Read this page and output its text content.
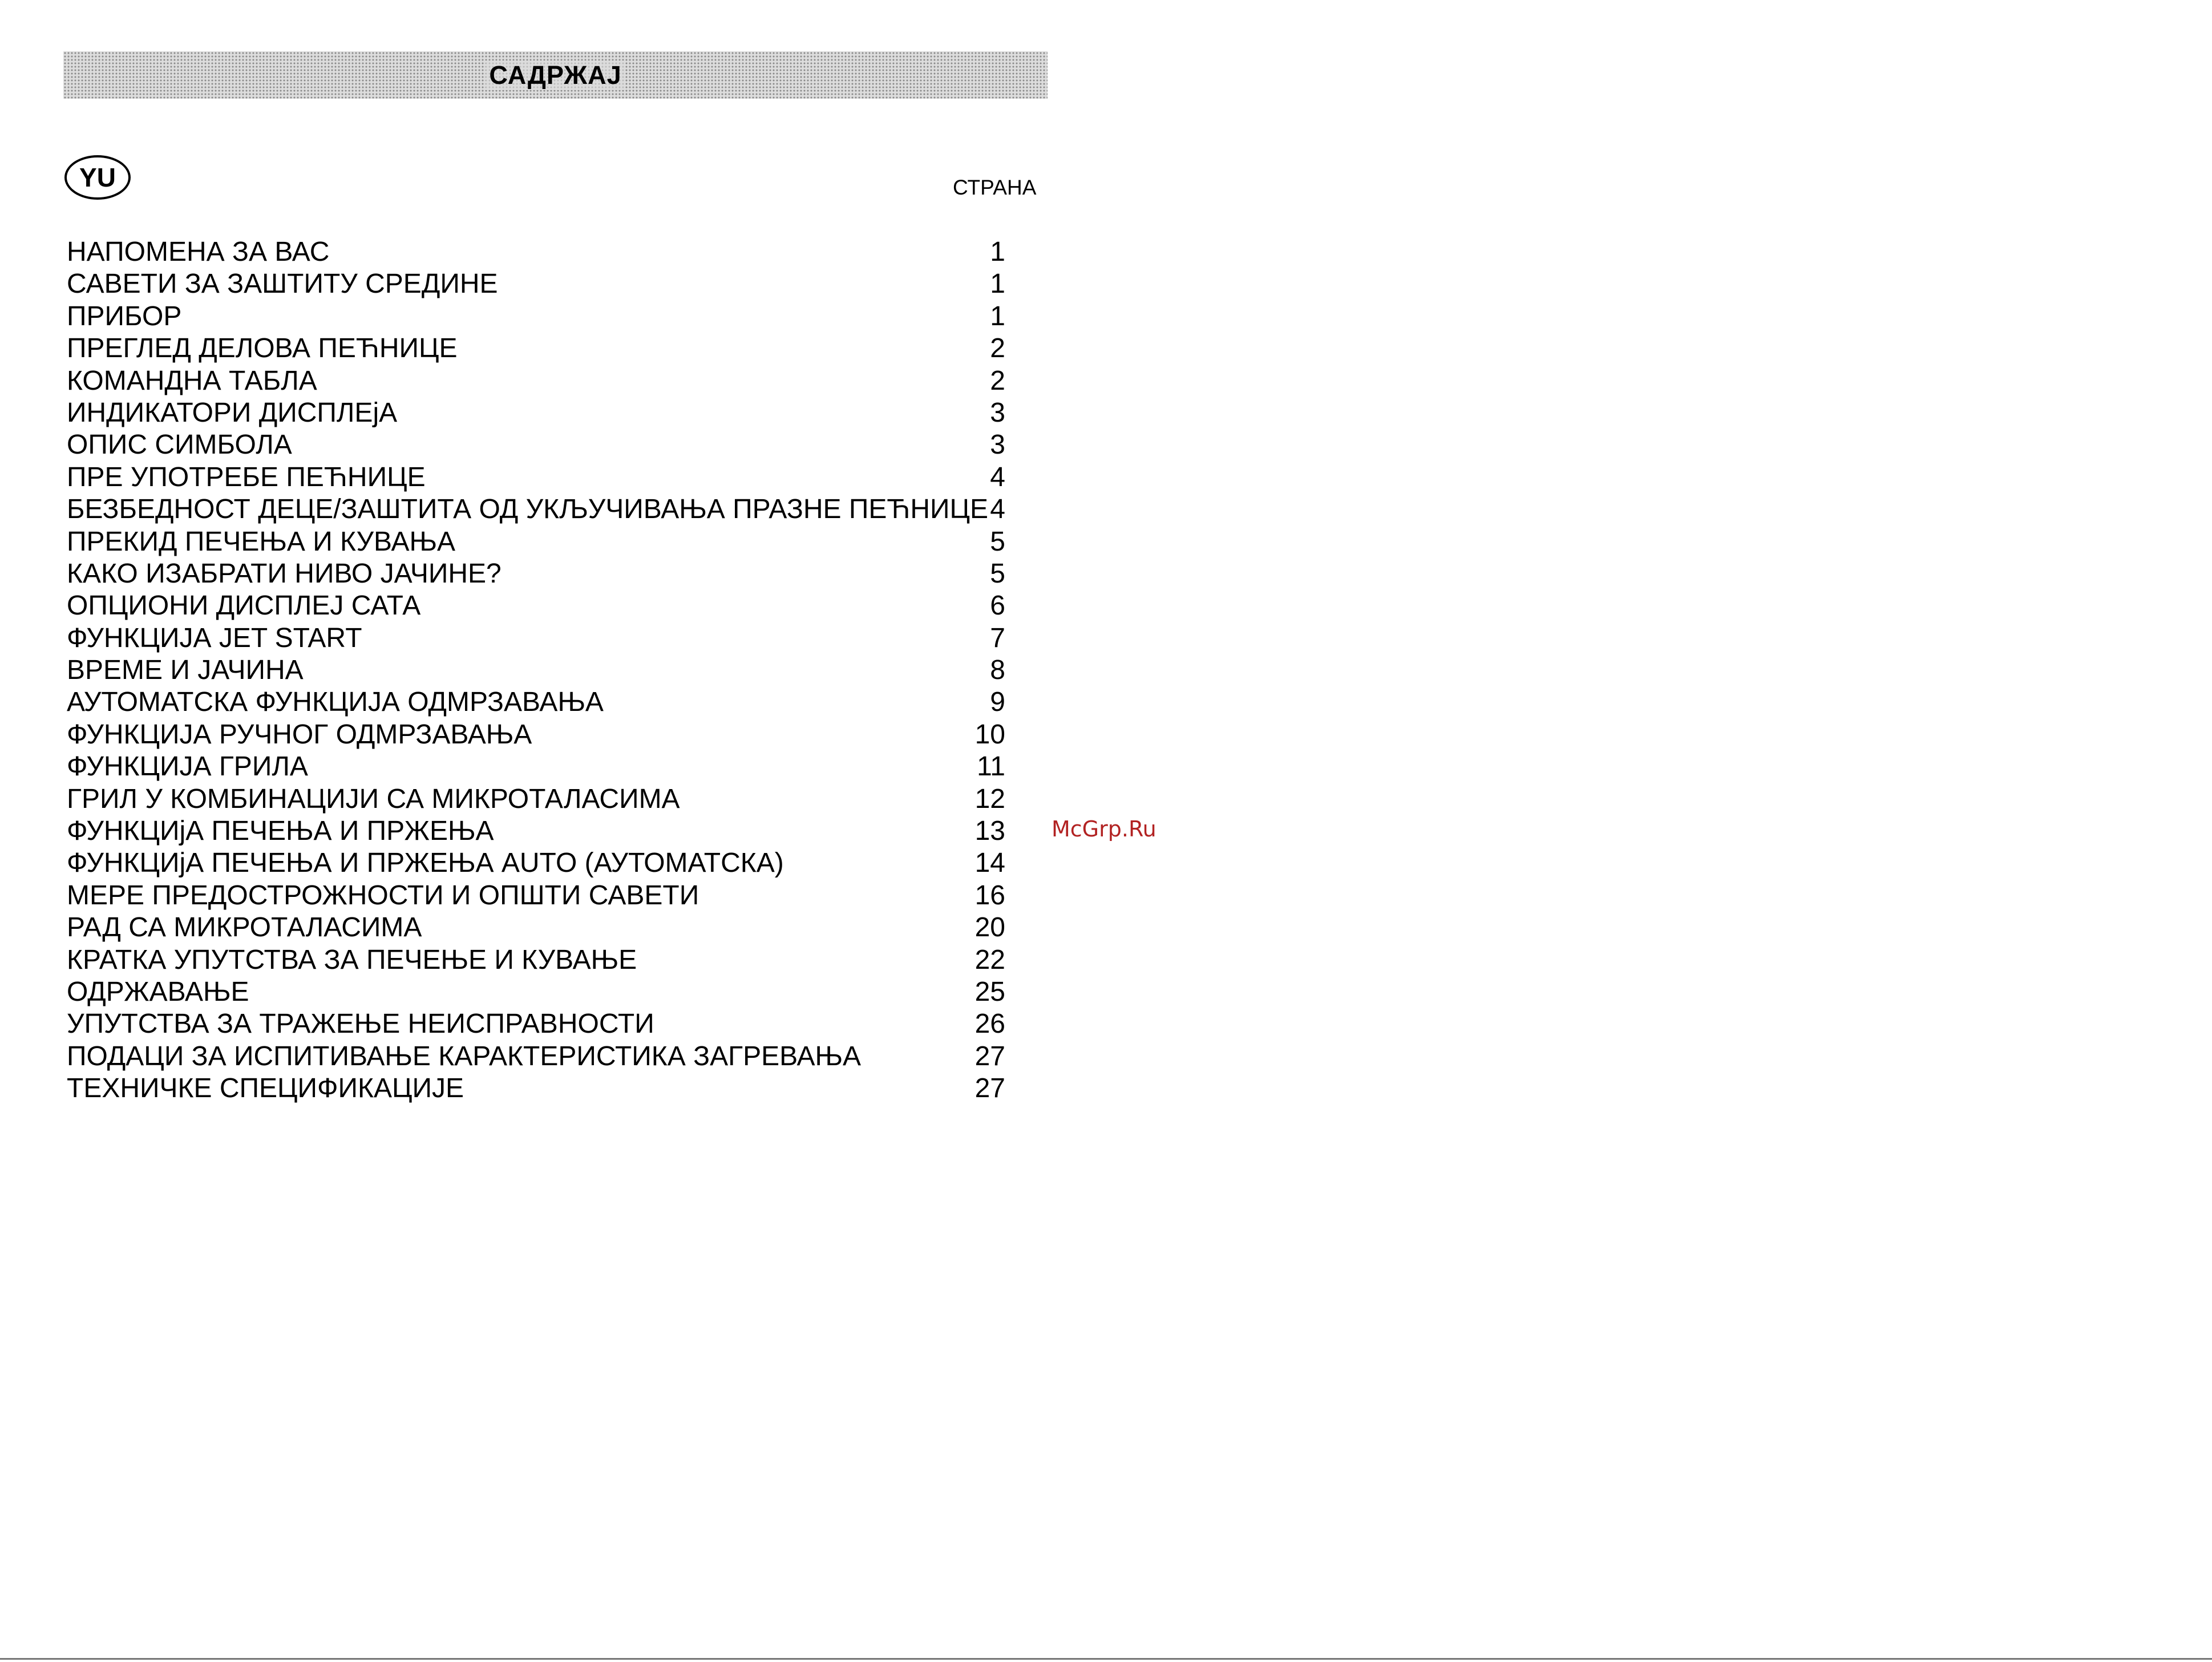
САДРЖАЈ
YU	СТРАНА
НАПОМЕНА ЗА ВАС	1
САВЕТИ ЗА ЗАШТИТУ СРЕДИНЕ	1
ПРИБОР	1
ПРЕГЛЕД ДЕЛОВА ПЕЋНИЦЕ	2
КОМАНДНА ТАБЛА	2
ИНДИКАТОРИ ДИСПЛЕјА	3
ОПИС СИМБОЛА	3
ПРЕ УПОТРЕБЕ ПЕЋНИЦЕ	4
БЕЗБЕДНОСТ ДЕЦЕ/ЗАШТИТА ОД УКЉУЧИВАЊА ПРАЗНЕ ПЕЋНИЦЕ 4
ПРЕКИД ПЕЧЕЊА И КУВАЊА	5
КАКО ИЗАБРАТИ НИВО ЈАЧИНЕ?	5
ОПЦИОНИ ДИСПЛЕЈ САТА	6
ФУНКЦИЈА JET START	7
ВРЕМЕ И ЈАЧИНА	8
АУТОМАТСКА ФУНКЦИЈА ОДМРЗАВАЊА	9
ФУНКЦИЈА РУЧНОГ ОДМРЗАВАЊА	10
ФУНКЦИЈА ГРИЛА	11
ГРИЛ У КОМБИНАЦИЈИ СА МИКРОТАЛАСИМА	12
ФУНКЦИјА ПЕЧЕЊА И ПРЖЕЊА	13
ФУНКЦИјА ПЕЧЕЊА И ПРЖЕЊА AUTO (АУТОМАТСКА)	14
МЕРЕ ПРЕДОСТРОЖНОСТИ И ОПШТИ САВЕТИ	16
РАД СА МИКРОТАЛАСИМА	20
КРАТКА УПУТСТВА ЗА ПЕЧЕЊЕ И КУВАЊЕ	22
ОДРЖАВАЊЕ	25
УПУТСТВА ЗА ТРАЖЕЊЕ НЕИСПРАВНОСТИ	26
ПОДАЦИ ЗА ИСПИТИВАЊЕ КАРАКТЕРИСТИКА ЗАГРЕВАЊА	27
ТЕХНИЧКЕ СПЕЦИФИКАЦИЈЕ	27
McGrp.Ru
